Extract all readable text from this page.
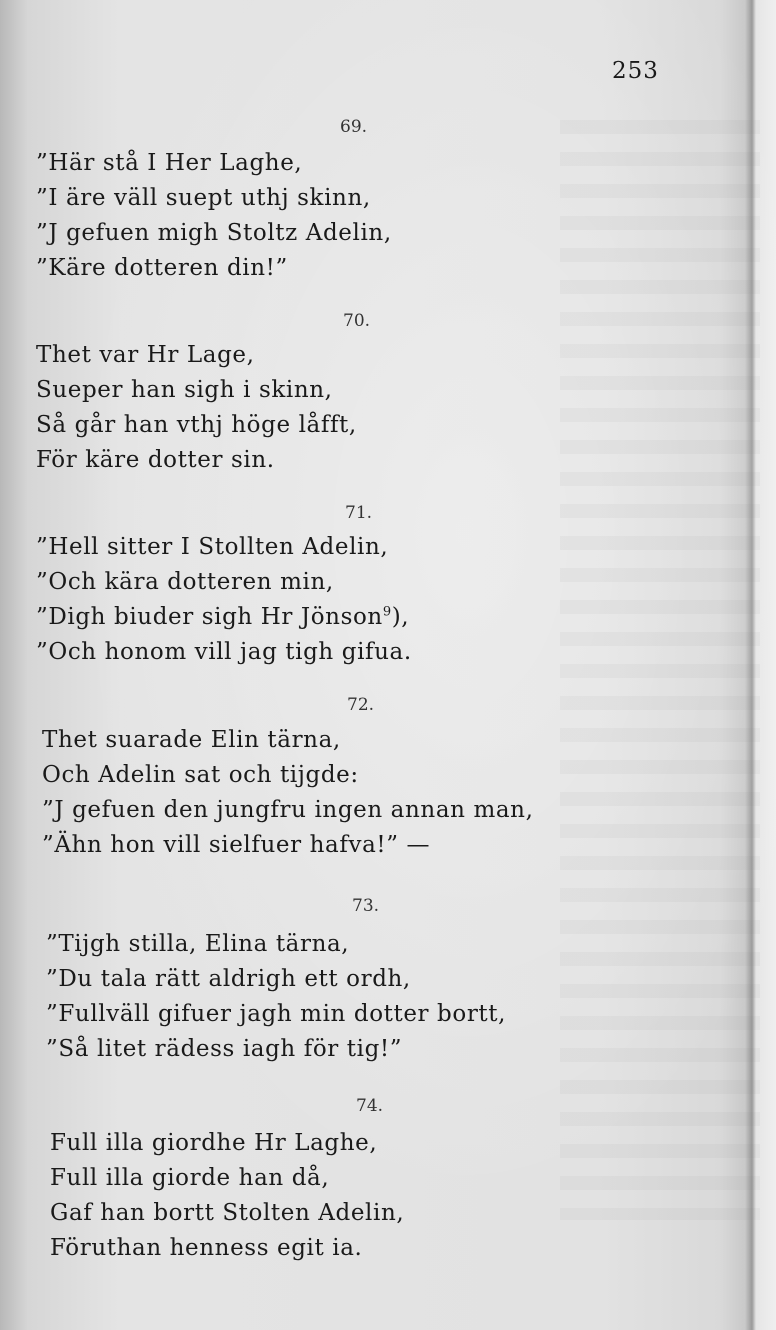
253
69.
”Här stå I Her Laghe,
”I äre väll suept uthj skinn,
”J gefuen migh Stoltz Adelin,
”Käre dotteren din!”
70.
Thet var Hr Lage,
Sueper han sigh i skinn,
Så går han vthj höge låfft,
För käre dotter sin.
71.
”Hell sitter I Stollten Adelin,
”Och kära dotteren min,
”Digh biuder sigh Hr Jönson$^9$),
”Och honom vill jag tigh gifua.
72.
Thet suarade Elin tärna,
Och Adelin sat och tijgde:
”J gefuen den jungfru ingen annan man,
”Ähn hon vill sielfuer hafva!” —
73.
”Tijgh stilla, Elina tärna,
”Du tala rätt aldrigh ett ordh,
”Fullväll gifuer jagh min dotter bortt,
”Så litet rädess iagh för tig!”
74.
Full illa giordhe Hr Laghe,
Full illa giorde han då,
Gaf han bortt Stolten Adelin,
Föruthan henness egit ia.
